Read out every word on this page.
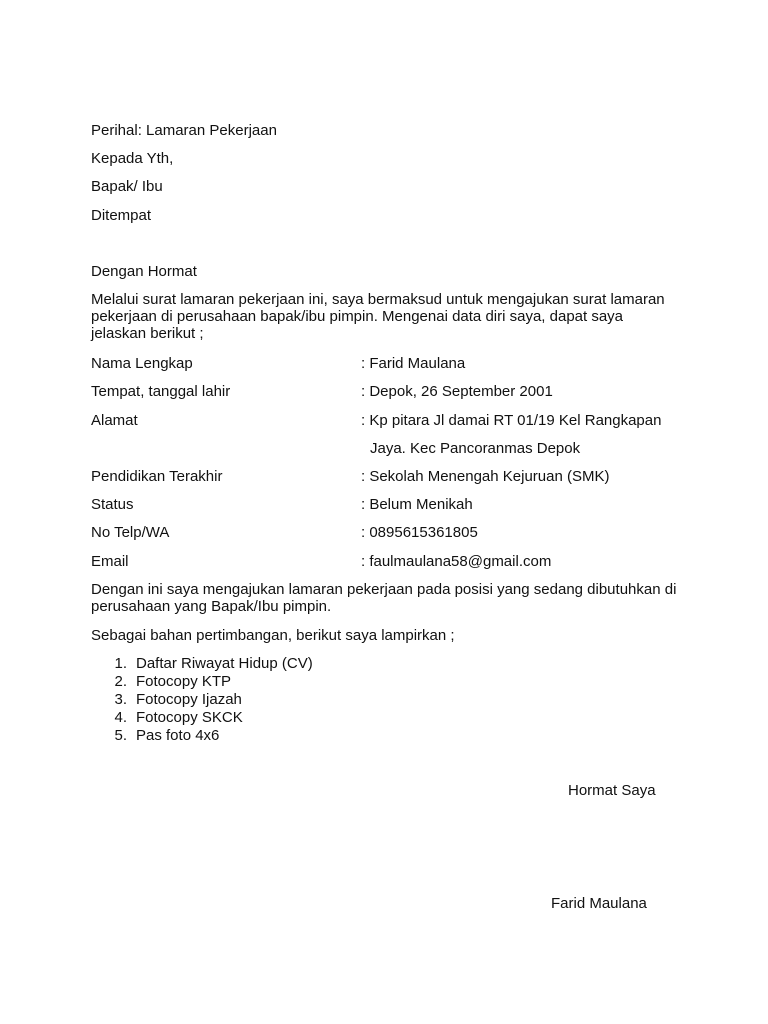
Perihal: Lamaran Pekerjaan
Kepada Yth,
Bapak/ Ibu
Ditempat
Dengan Hormat
Melalui surat lamaran pekerjaan ini, saya bermaksud untuk mengajukan surat lamaran pekerjaan di perusahaan bapak/ibu pimpin. Mengenai data diri saya, dapat saya jelaskan berikut ;
Nama Lengkap	: Farid Maulana
Tempat, tanggal lahir	: Depok, 26 September 2001
Alamat	: Kp pitara Jl damai RT 01/19 Kel Rangkapan
Jaya. Kec Pancoranmas Depok
Pendidikan Terakhir	: Sekolah Menengah Kejuruan (SMK)
Status	: Belum Menikah
No Telp/WA	: 0895615361805
Email	: faulmaulana58@gmail.com
Dengan ini saya mengajukan lamaran pekerjaan pada posisi yang sedang dibutuhkan di perusahaan yang Bapak/Ibu pimpin.
Sebagai bahan pertimbangan, berikut saya lampirkan ;
1. Daftar Riwayat Hidup (CV)
2. Fotocopy KTP
3. Fotocopy Ijazah
4. Fotocopy SKCK
5. Pas foto 4x6
Hormat Saya
Farid Maulana
